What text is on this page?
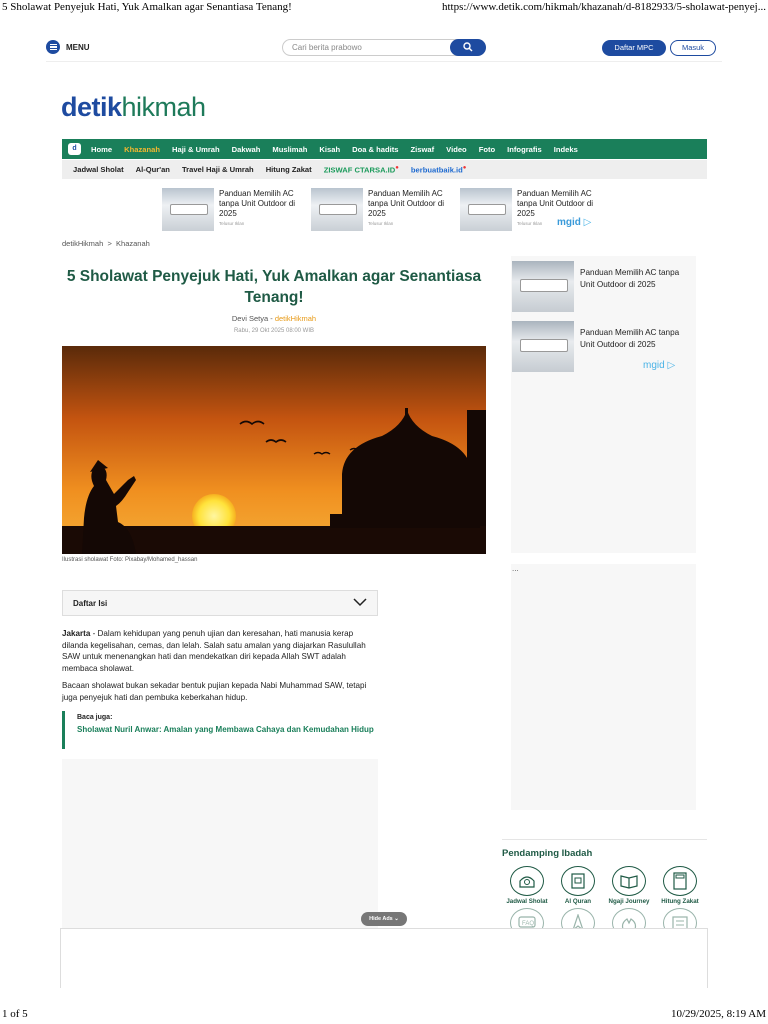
5 Sholawat Penyejuk Hati, Yuk Amalkan agar Senantiasa Tenang!	https://www.detik.com/hikmah/khazanah/d-8182933/5-sholawat-penyej...
MENU	Cari berita prabowo	Daftar MPC	Masuk
detikhikmah
d	Home Khazanah Haji & Umrah Dakwah Muslimah Kisah Doa & hadits Ziswaf Video Foto Infografis Indeks
Jadwal Sholat Al-Qur'an Travel Haji & Umrah Hitung Zakat ZISWAF CTARSA.ID● berbuatbaik.id●
Panduan Memilih AC tanpa Unit Outdoor di 2025
Telusur Iklan
Panduan Memilih AC tanpa Unit Outdoor di 2025
Telusur Iklan
Panduan Memilih AC tanpa Unit Outdoor di 2025
Telusur Iklan mgid ▷
detikHikmah  >  Khazanah
5 Sholawat Penyejuk Hati, Yuk Amalkan agar Senantiasa Tenang!
Devi Setya - detikHikmah
Rabu, 29 Okt 2025 08:00 WIB
Ilustrasi sholawat Foto: Pixabay/Mohamed_hassan
Daftar Isi

Jakarta - Dalam kehidupan yang penuh ujian dan keresahan, hati manusia kerap dilanda kegelisahan, cemas, dan lelah. Salah satu amalan yang diajarkan Rasulullah SAW untuk menenangkan hati dan mendekatkan diri kepada Allah SWT adalah membaca sholawat.

Bacaan sholawat bukan sekadar bentuk pujian kepada Nabi Muhammad SAW, tetapi juga penyejuk hati dan pembuka keberkahan hidup.

Baca juga:
Sholawat Nuril Anwar: Amalan yang Membawa Cahaya dan Kemudahan Hidup
Panduan Memilih AC tanpa Unit Outdoor di 2025
Panduan Memilih AC tanpa Unit Outdoor di 2025
mgid ▷
...
Pendamping Ibadah
Jadwal Sholat	Al Quran	Ngaji Journey	Hitung Zakat
FAQ
Hide Ads ⌄
1 of 5	10/29/2025, 8:19 AM
